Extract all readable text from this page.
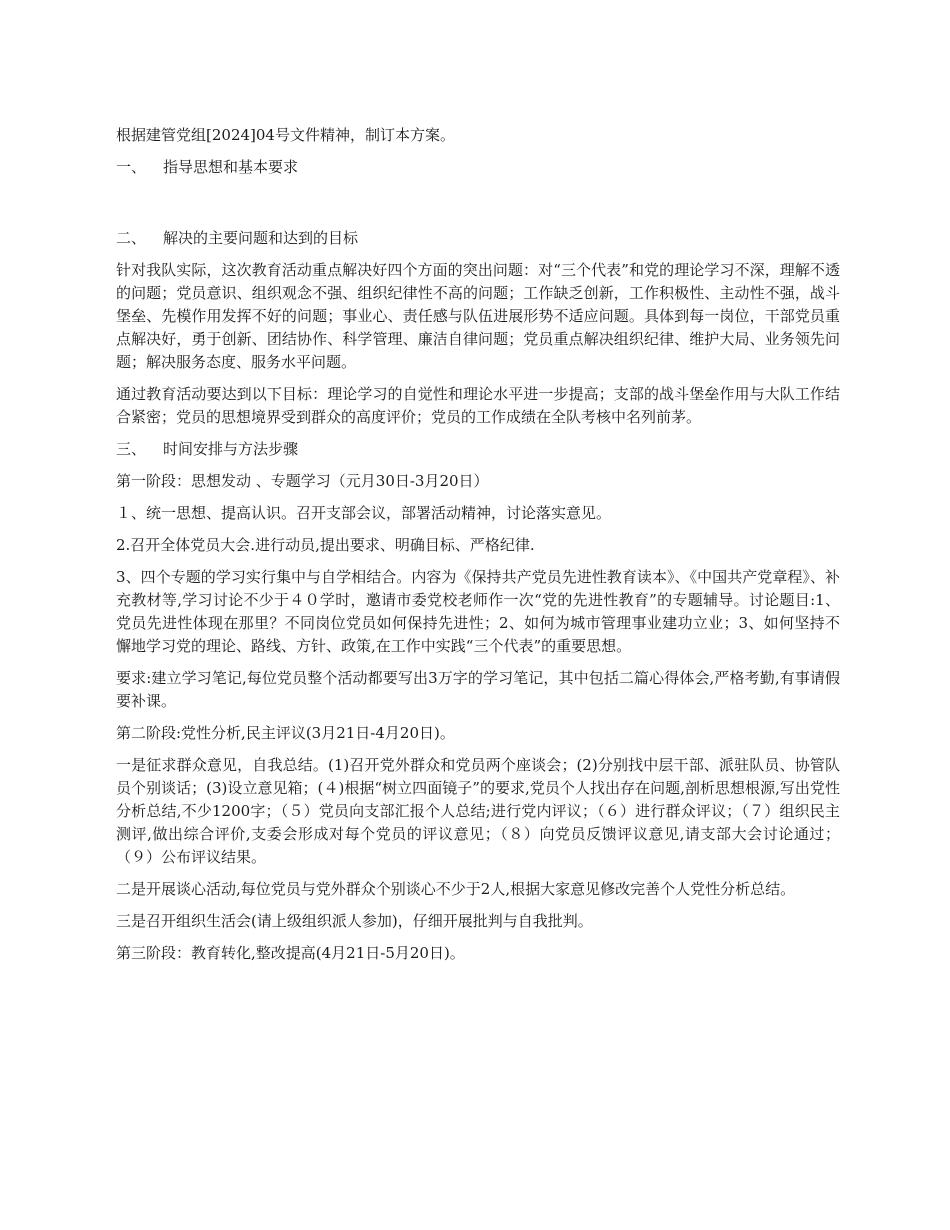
根据建管党组[2024]04号文件精神，制订本方案。

一、 指导思想和基本要求

二、 解决的主要问题和达到的目标

针对我队实际，这次教育活动重点解决好四个方面的突出问题：对“三个代表”和党的理论学习不深，理解不透的问题；党员意识、组织观念不强、组织纪律性不高的问题；工作缺乏创新，工作积极性、主动性不强，战斗堡垒、先模作用发挥不好的问题；事业心、责任感与队伍进展形势不适应问题。具体到每一岗位，干部党员重点解决好，勇于创新、团结协作、科学管理、廉洁自律问题；党员重点解决组织纪律、维护大局、业务领先问题；解决服务态度、服务水平问题。

通过教育活动要达到以下目标：理论学习的自觉性和理论水平进一步提高；支部的战斗堡垒作用与大队工作结合紧密；党员的思想境界受到群众的高度评价；党员的工作成绩在全队考核中名列前茅。

三、 时间安排与方法步骤

第一阶段：思想发动 、专题学习（元月30日-3月20日）

１、统一思想、提高认识。召开支部会议，部署活动精神，讨论落实意见。

2.召开全体党员大会.进行动员,提出要求、明确目标、严格纪律.

3、四个专题的学习实行集中与自学相结合。内容为《保持共产党员先进性教育读本》、《中国共产党章程》、补充教材等,学习讨论不少于４０学时，邀请市委党校老师作一次“党的先进性教育”的专题辅导。讨论题目:1、党员先进性体现在那里？不同岗位党员如何保持先进性；2、如何为城市管理事业建功立业；3、如何坚持不懈地学习党的理论、路线、方针、政策,在工作中实践“三个代表”的重要思想。

要求:建立学习笔记,每位党员整个活动都要写出3万字的学习笔记，其中包括二篇心得体会,严格考勤,有事请假要补课。

第二阶段:党性分析,民主评议(3月21日-4月20日)。

一是征求群众意见，自我总结。(1)召开党外群众和党员两个座谈会；(2)分别找中层干部、派驻队员、协管队员个别谈话；(3)设立意见箱；(４)根据“树立四面镜子”的要求,党员个人找出存在问题,剖析思想根源,写出党性分析总结,不少1200字；（５）党员向支部汇报个人总结;进行党内评议；（６）进行群众评议；（７）组织民主测评,做出综合评价,支委会形成对每个党员的评议意见；（８）向党员反馈评议意见,请支部大会讨论通过；（９）公布评议结果。

二是开展谈心活动,每位党员与党外群众个别谈心不少于2人,根据大家意见修改完善个人党性分析总结。

三是召开组织生活会(请上级组织派人参加)，仔细开展批判与自我批判。

第三阶段：教育转化,整改提高(4月21日-5月20日)。
